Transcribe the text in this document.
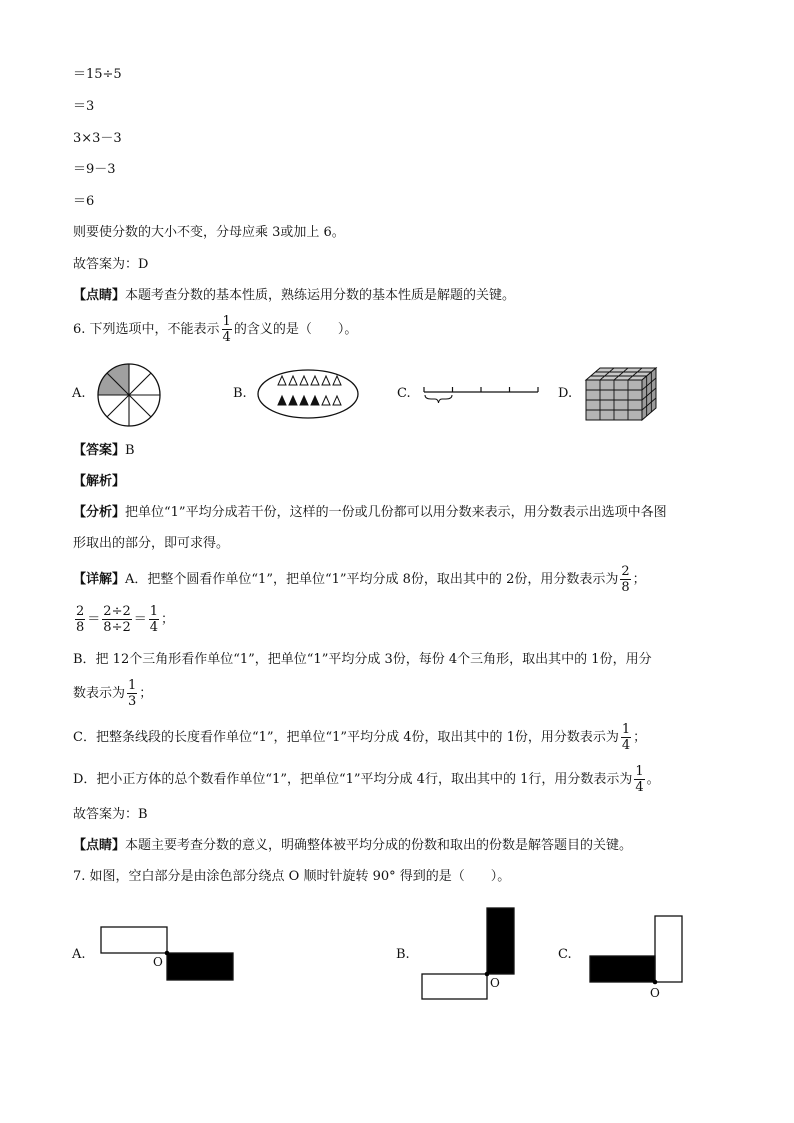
＝15÷5
＝3
3×3－3
＝9－3
＝6
则要使分数的大小不变，分母应乘 3或加上 6。
故答案为：D
【点睛】本题考查分数的基本性质，熟练运用分数的基本性质是解题的关键。
6. 下列选项中，不能表示 $\frac{1}{4}$ 的含义的是（　　）。
A.	B.	C.	D.
【答案】B
【解析】
【分析】把单位“1”平均分成若干份，这样的一份或几份都可以用分数来表示，用分数表示出选项中各图
形取出的部分，即可求得。
【详解】A．把整个圆看作单位“1”，把单位“1”平均分成 8份，取出其中的 2份，用分数表示为 $\frac{2}{8}$ ；
$\frac{2}{8} = \frac{2\div 2}{8\div 2} = \frac{1}{4}$ ；
B．把 12个三角形看作单位“1”，把单位“1”平均分成 3份，每份 4个三角形，取出其中的 1份，用分
数表示为 $\frac{1}{3}$ ；
C．把整条线段的长度看作单位“1”，把单位“1”平均分成 4份，取出其中的 1份，用分数表示为 $\frac{1}{4}$ ；
D．把小正方体的总个数看作单位“1”，把单位“1”平均分成 4行，取出其中的 1行，用分数表示为 $\frac{1}{4}$ 。
故答案为：B
【点睛】本题主要考查分数的意义，明确整体被平均分成的份数和取出的份数是解答题目的关键。
7. 如图，空白部分是由涂色部分绕点 O 顺时针旋转 90° 得到的是（　　）。
A.	O	B.
O
C.
O
